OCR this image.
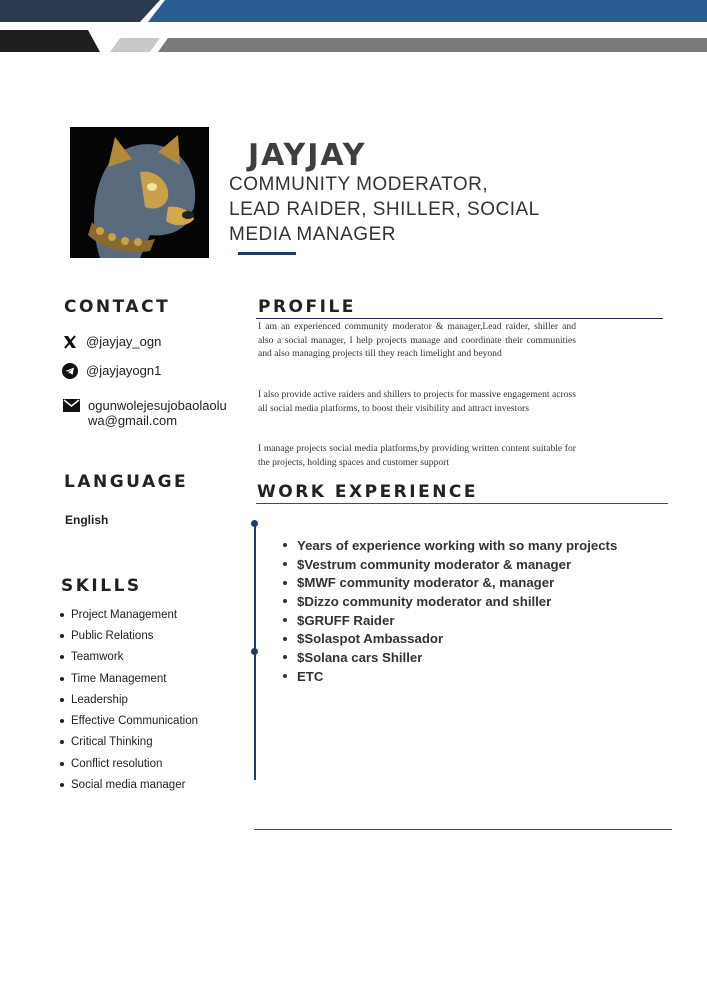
JAYJAY
COMMUNITY MODERATOR,
LEAD RAIDER, SHILLER, SOCIAL
MEDIA MANAGER
CONTACT
@jayjay_ogn
@jayjayogn1
ogunwolejesujobaolaolu
wa@gmail.com
LANGUAGE
English
SKILLS
Project Management
Public Relations
Teamwork
Time Management
Leadership
Effective Communication
Critical Thinking
Conflict resolution
Social media manager
PROFILE

I am an experienced community moderator & manager,Lead raider, shiller and also a social manager, I help projects manage and coordinate their communities and also managing projects till they reach limelight and beyond

I also provide active raiders and shillers to projects for massive engagement across all social media platforms, to boost their visibility and attract investors

I manage projects social media platforms,by providing written content suitable for the projects, holding spaces and customer support

WORK EXPERIENCE
Years of experience working with so many projects
$Vestrum community moderator & manager
$MWF community moderator &, manager
$Dizzo community moderator and shiller
$GRUFF Raider
$Solaspot Ambassador
$Solana cars Shiller
ETC
